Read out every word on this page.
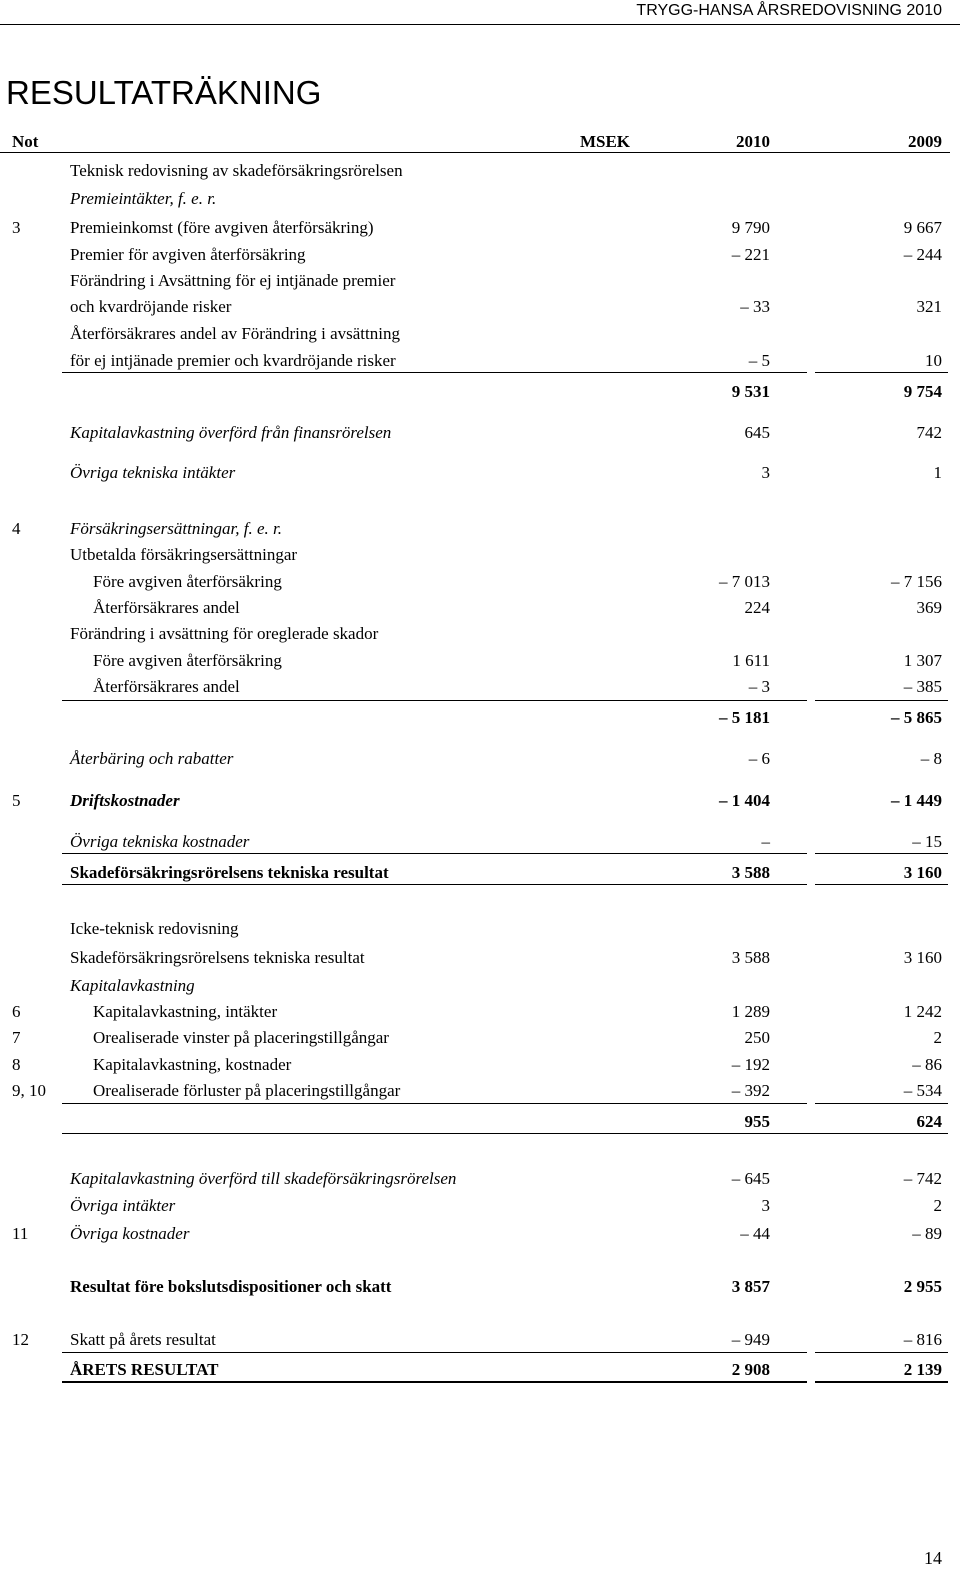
TRYGG-HANSA ÅRSREDOVISNING 2010
RESULTATRÄKNING
Not	MSEK	2010	2009
Teknisk redovisning av skadeförsäkringsrörelsen
Premieintäkter, f. e. r.
3	Premieinkomst (före avgiven återförsäkring)	9 790	9 667
Premier för avgiven återförsäkring	– 221	– 244
Förändring i Avsättning för ej intjänade premier
och kvardröjande risker	– 33	321
Återförsäkrares andel av Förändring i avsättning
för ej intjänade premier och kvardröjande risker	– 5	10
9 531	9 754
Kapitalavkastning överförd från finansrörelsen	645	742
Övriga tekniska intäkter	3	1
4	Försäkringsersättningar, f. e. r.
Utbetalda försäkringsersättningar
Före avgiven återförsäkring	– 7 013	– 7 156
Återförsäkrares andel	224	369
Förändring i avsättning för oreglerade skador
Före avgiven återförsäkring	1 611	1 307
Återförsäkrares andel	– 3	– 385
– 5 181	– 5 865
Återbäring och rabatter	– 6	– 8
5	Driftskostnader	– 1 404	– 1 449
Övriga tekniska kostnader	–	– 15
Skadeförsäkringsrörelsens tekniska resultat	3 588	3 160
Icke-teknisk redovisning
Skadeförsäkringsrörelsens tekniska resultat	3 588	3 160
Kapitalavkastning
6	Kapitalavkastning, intäkter	1 289	1 242
7	Orealiserade vinster på placeringstillgångar	250	2
8	Kapitalavkastning, kostnader	– 192	– 86
9, 10	Orealiserade förluster på placeringstillgångar	– 392	– 534
955	624
Kapitalavkastning överförd till skadeförsäkringsrörelsen	– 645	– 742
Övriga intäkter	3	2
11 Övriga kostnader	– 44	– 89
Resultat före bokslutsdispositioner och skatt	3 857	2 955
12 Skatt på årets resultat	– 949	– 816
ÅRETS RESULTAT	2 908	2 139
14
